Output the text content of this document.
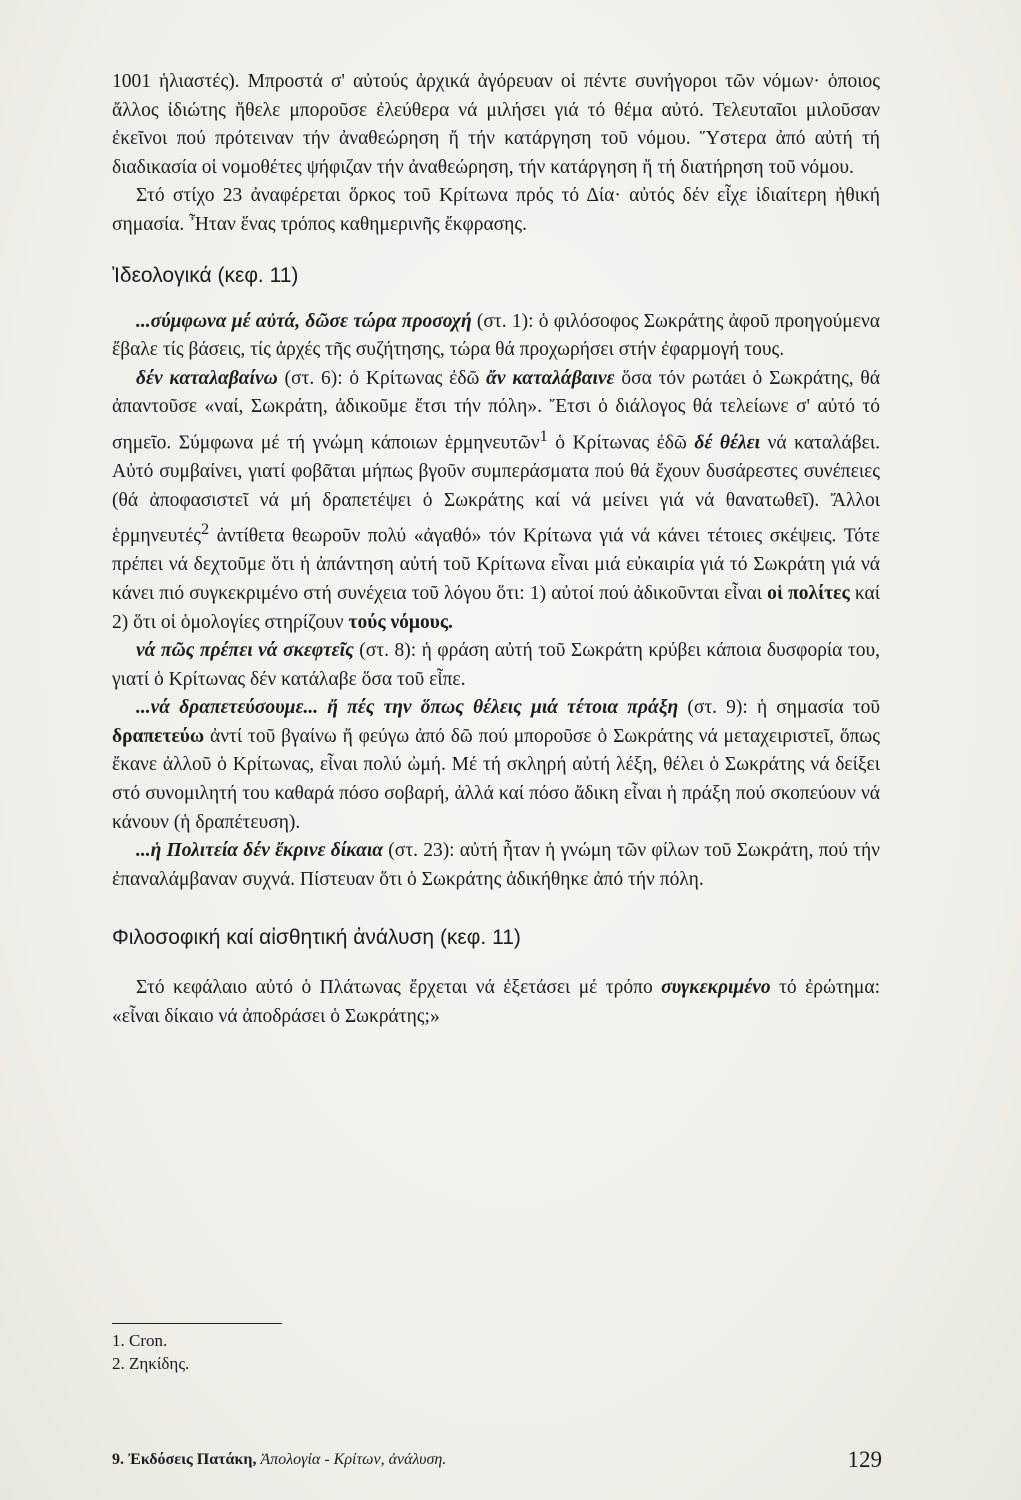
1001 ἡλιαστές). Μπροστά σ' αὐτούς ἀρχικά ἀγόρευαν οἱ πέντε συνήγοροι τῶν νόμων· ὁποιος ἄλλος ἰδιώτης ἤθελε μποροῦσε ἐλεύθερα νά μιλήσει γιά τό θέμα αὐτό. Τελευταῖοι μιλοῦσαν ἐκεῖνοι πού πρότειναν τήν ἀναθεώρηση ἤ τήν κατάργηση τοῦ νόμου. Ὕστερα ἀπό αὐτή τή διαδικασία οἱ νομοθέτες ψήφιζαν τήν ἀναθεώρηση, τήν κατάργηση ἤ τή διατήρηση τοῦ νόμου.

Στό στίχο 23 ἀναφέρεται ὅρκος τοῦ Κρίτωνα πρός τό Δία· αὐτός δέν εἶχε ἰδιαίτερη ἠθική σημασία. Ἦταν ἕνας τρόπος καθημερινῆς ἔκφρασης.

Ἰδεολογικά (κεφ. 11)

...σύμφωνα μέ αὐτά, δῶσε τώρα προσοχή (στ. 1): ὁ φιλόσοφος Σωκράτης ἀφοῦ προηγούμενα ἔβαλε τίς βάσεις, τίς ἀρχές τῆς συζήτησης, τώρα θά προχωρήσει στήν ἐφαρμογή τους.

δέν καταλαβαίνω (στ. 6): ὁ Κρίτωνας ἐδῶ ἄν καταλάβαινε ὅσα τόν ρωτάει ὁ Σωκράτης, θά ἀπαντοῦσε «ναί, Σωκράτη, ἀδικοῦμε ἔτσι τήν πόλη». Ἔτσι ὁ διάλογος θά τελείωνε σ' αὐτό τό σημεῖο. Σύμφωνα μέ τή γνώμη κάποιων ἑρμηνευτῶν$^1$ ὁ Κρίτωνας ἐδῶ δέ θέλει νά καταλάβει. Αὐτό συμβαίνει, γιατί φοβᾶται μήπως βγοῦν συμπεράσματα πού θά ἔχουν δυσάρεστες συνέπειες (θά ἀποφασιστεῖ νά μή δραπετέψει ὁ Σωκράτης καί νά μείνει γιά νά θανατωθεῖ). Ἄλλοι ἑρμηνευτές$^2$ ἀντίθετα θεωροῦν πολύ «ἀγαθό» τόν Κρίτωνα γιά νά κάνει τέτοιες σκέψεις. Τότε πρέπει νά δεχτοῦμε ὅτι ἡ ἀπάντηση αὐτή τοῦ Κρίτωνα εἶναι μιά εὐκαιρία γιά τό Σωκράτη γιά νά κάνει πιό συγκεκριμένο στή συνέχεια τοῦ λόγου ὅτι: 1) αὐτοί πού ἀδικοῦνται εἶναι οἱ πολίτες καί 2) ὅτι οἱ ὁμολογίες στηρίζουν τούς νόμους.

νά πῶς πρέπει νά σκεφτεῖς (στ. 8): ἡ φράση αὐτή τοῦ Σωκράτη κρύβει κάποια δυσφορία του, γιατί ὁ Κρίτωνας δέν κατάλαβε ὅσα τοῦ εἶπε.

...νά δραπετεύσουμε... ἤ πές την ὅπως θέλεις μιά τέτοια πράξη (στ. 9): ἡ σημασία τοῦ δραπετεύω ἀντί τοῦ βγαίνω ἤ φεύγω ἀπό δῶ πού μποροῦσε ὁ Σωκράτης νά μεταχειριστεῖ, ὅπως ἔκανε ἀλλοῦ ὁ Κρίτωνας, εἶναι πολύ ὠμή. Μέ τή σκληρή αὐτή λέξη, θέλει ὁ Σωκράτης νά δείξει στό συνομιλητή του καθαρά πόσο σοβαρή, ἀλλά καί πόσο ἄδικη εἶναι ἡ πράξη πού σκοπεύουν νά κάνουν (ἡ δραπέτευση).

...ἡ Πολιτεία δέν ἔκρινε δίκαια (στ. 23): αὐτή ἦταν ἡ γνώμη τῶν φίλων τοῦ Σωκράτη, πού τήν ἐπαναλάμβαναν συχνά. Πίστευαν ὅτι ὁ Σωκράτης ἀδικήθηκε ἀπό τήν πόλη.

Φιλοσοφική καί αἰσθητική ἀνάλυση (κεφ. 11)

Στό κεφάλαιο αὐτό ὁ Πλάτωνας ἔρχεται νά ἐξετάσει μέ τρόπο συγκεκριμένο τό ἐρώτημα: «εἶναι δίκαιο νά ἀποδράσει ὁ Σωκράτης;»

1. Cron.
2. Ζηκίδης.
9. Ἐκδόσεις Πατάκη, Ἀπολογία - Κρίτων, ἀνάλυση.	129
